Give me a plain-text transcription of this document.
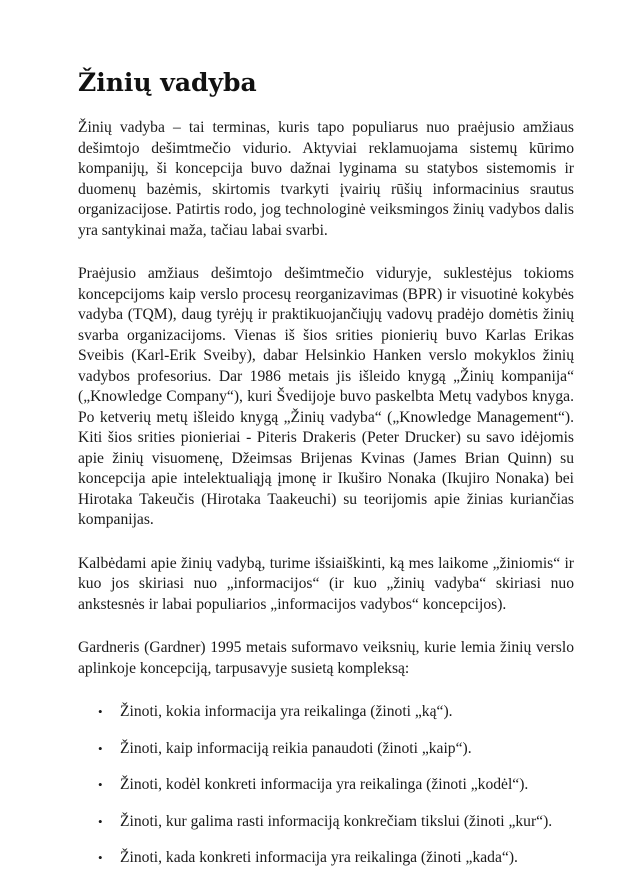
Žinių vadyba

Žinių vadyba – tai terminas, kuris tapo populiarus nuo praėjusio amžiaus dešimtojo dešimtmečio vidurio. Aktyviai reklamuojama sistemų kūrimo kompanijų, ši koncepcija buvo dažnai lyginama su statybos sistemomis ir duomenų bazėmis, skirtomis tvarkyti įvairių rūšių informacinius srautus organizacijose. Patirtis rodo, jog technologinė veiksmingos žinių vadybos dalis yra santykinai maža, tačiau labai svarbi.

Praėjusio amžiaus dešimtojo dešimtmečio viduryje, suklestėjus tokioms koncepcijoms kaip verslo procesų reorganizavimas (BPR) ir visuotinė kokybės vadyba (TQM), daug tyrėjų ir praktikuojančiųjų vadovų pradėjo domėtis žinių svarba organizacijoms. Vienas iš šios srities pionierių buvo Karlas Erikas Sveibis (Karl-Erik Sveiby), dabar Helsinkio Hanken verslo mokyklos žinių vadybos profesorius. Dar 1986 metais jis išleido knygą „Žinių kompanija“ („Knowledge Company“), kuri Švedijoje buvo paskelbta Metų vadybos knyga. Po ketverių metų išleido knygą „Žinių vadyba“ („Knowledge Management“). Kiti šios srities pionieriai - Piteris Drakeris (Peter Drucker) su savo idėjomis apie žinių visuomenę, Džeimsas Brijenas Kvinas (James Brian Quinn) su koncepcija apie intelektualiąją įmonę ir Ikuširo Nonaka (Ikujiro Nonaka) bei Hirotaka Takeučis (Hirotaka Taakeuchi) su teorijomis apie žinias kuriančias kompanijas.

Kalbėdami apie žinių vadybą, turime išsiaiškinti, ką mes laikome „žiniomis“ ir kuo jos skiriasi nuo „informacijos“ (ir kuo „žinių vadyba“ skiriasi nuo ankstesnės ir labai populiarios „informacijos vadybos“ koncepcijos).

Gardneris (Gardner) 1995 metais suformavo veiksnių, kurie lemia žinių verslo aplinkoje koncepciją, tarpusavyje susietą kompleksą:

•	Žinoti, kokia informacija yra reikalinga (žinoti „ką“).
•	Žinoti, kaip informaciją reikia panaudoti (žinoti „kaip“).
•	Žinoti, kodėl konkreti informacija yra reikalinga (žinoti „kodėl“).
•	Žinoti, kur galima rasti informaciją konkrečiam tikslui (žinoti „kur“).
•	Žinoti, kada konkreti informacija yra reikalinga (žinoti „kada“).
